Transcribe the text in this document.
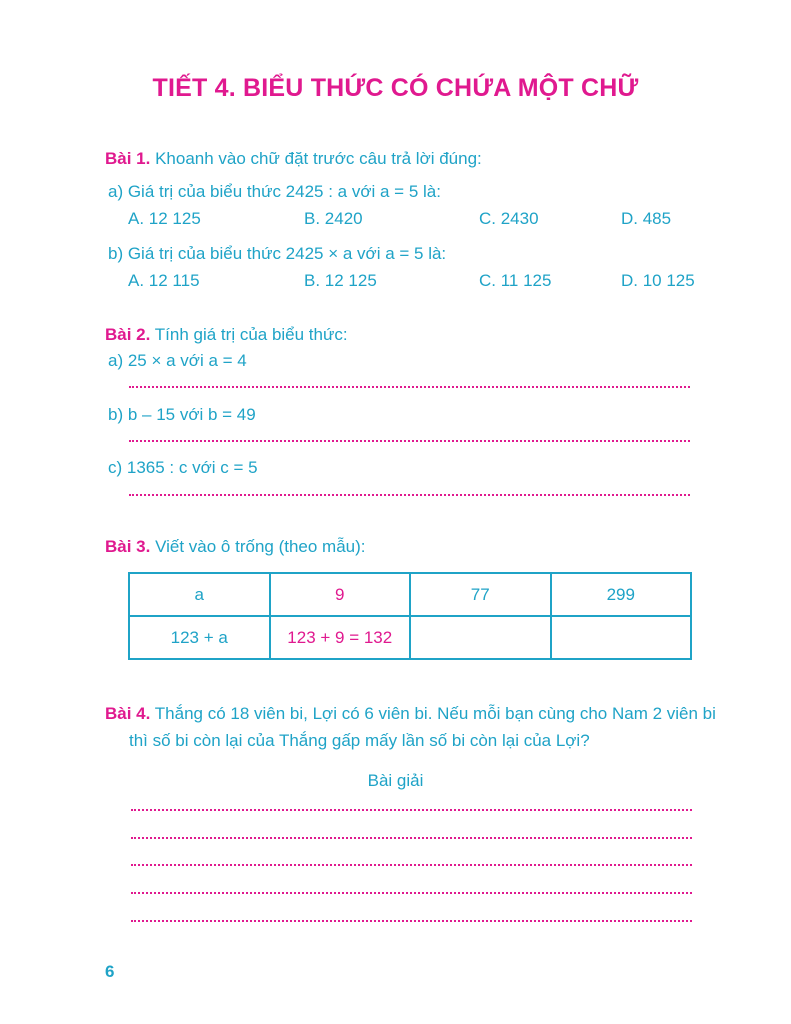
TIẾT 4. BIỂU THỨC CÓ CHỨA MỘT CHỮ
Bài 1. Khoanh vào chữ đặt trước câu trả lời đúng:
a) Giá trị của biểu thức 2425 : a với a = 5 là:
A. 12 125	B. 2420	C. 2430	D. 485
b) Giá trị của biểu thức 2425 × a với a = 5 là:
A. 12 115	B. 12 125	C. 11 125	D. 10 125
Bài 2. Tính giá trị của biểu thức:
a) 25 × a với a = 4
b) b – 15 với b = 49
c) 1365 : c với c = 5
Bài 3. Viết vào ô trống (theo mẫu):
a	9	77	299
123 + a	123 + 9 = 132		
Bài 4. Thắng có 18 viên bi, Lợi có 6 viên bi. Nếu mỗi bạn cùng cho Nam 2 viên bi
thì số bi còn lại của Thắng gấp mấy lần số bi còn lại của Lợi?
Bài giải
6
